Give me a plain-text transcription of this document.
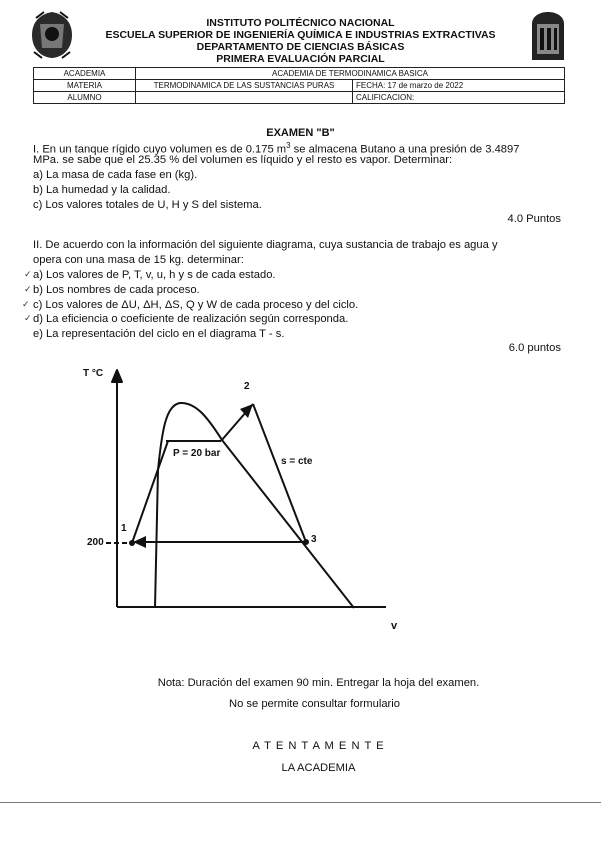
INSTITUTO POLITÉCNICO NACIONAL
ESCUELA SUPERIOR DE INGENIERÍA QUÍMICA E INDUSTRIAS EXTRACTIVAS
DEPARTAMENTO DE CIENCIAS BÁSICAS
PRIMERA EVALUACIÓN PARCIAL
ACADEMIA	ACADEMIA DE TERMODINAMICA BASICA	
MATERIA	TERMODINAMICA DE LAS SUSTANCIAS PURAS	FECHA: 17 de marzo de 2022
ALUMNO		CALIFICACION:
EXAMEN "B"
I. En un tanque rígido cuyo volumen es de 0.175 $m^3$ se almacena Butano a una presión de 3.4897
MPa. se sabe que el 25.35 % del volumen es líquido y el resto es vapor. Determinar:
a) La masa de cada fase en (kg).
b) La humedad y la calidad.
c) Los valores totales de U, H y S del sistema.
4.0 Puntos
II. De acuerdo con la información del siguiente diagrama, cuya sustancia de trabajo es agua y
opera con una masa de 15 kg. determinar:
✓ a) Los valores de P, T, v, u, h y s de cada estado.
✓ b) Los nombres de cada proceso.
✓ c) Los valores de ΔU, ΔH, ΔS, Q y W de cada proceso y del ciclo.
✓ d) La eficiencia o coeficiente de realización según corresponda.
e) La representación del ciclo en el diagrama T - s.
6.0 puntos
T °C
v
P = 20 bar
s = cte
200
1
2
3
Nota: Duración del examen 90 min. Entregar la hoja del examen.
No se permite consultar formulario
A T E N T A M E N T E
LA ACADEMIA
